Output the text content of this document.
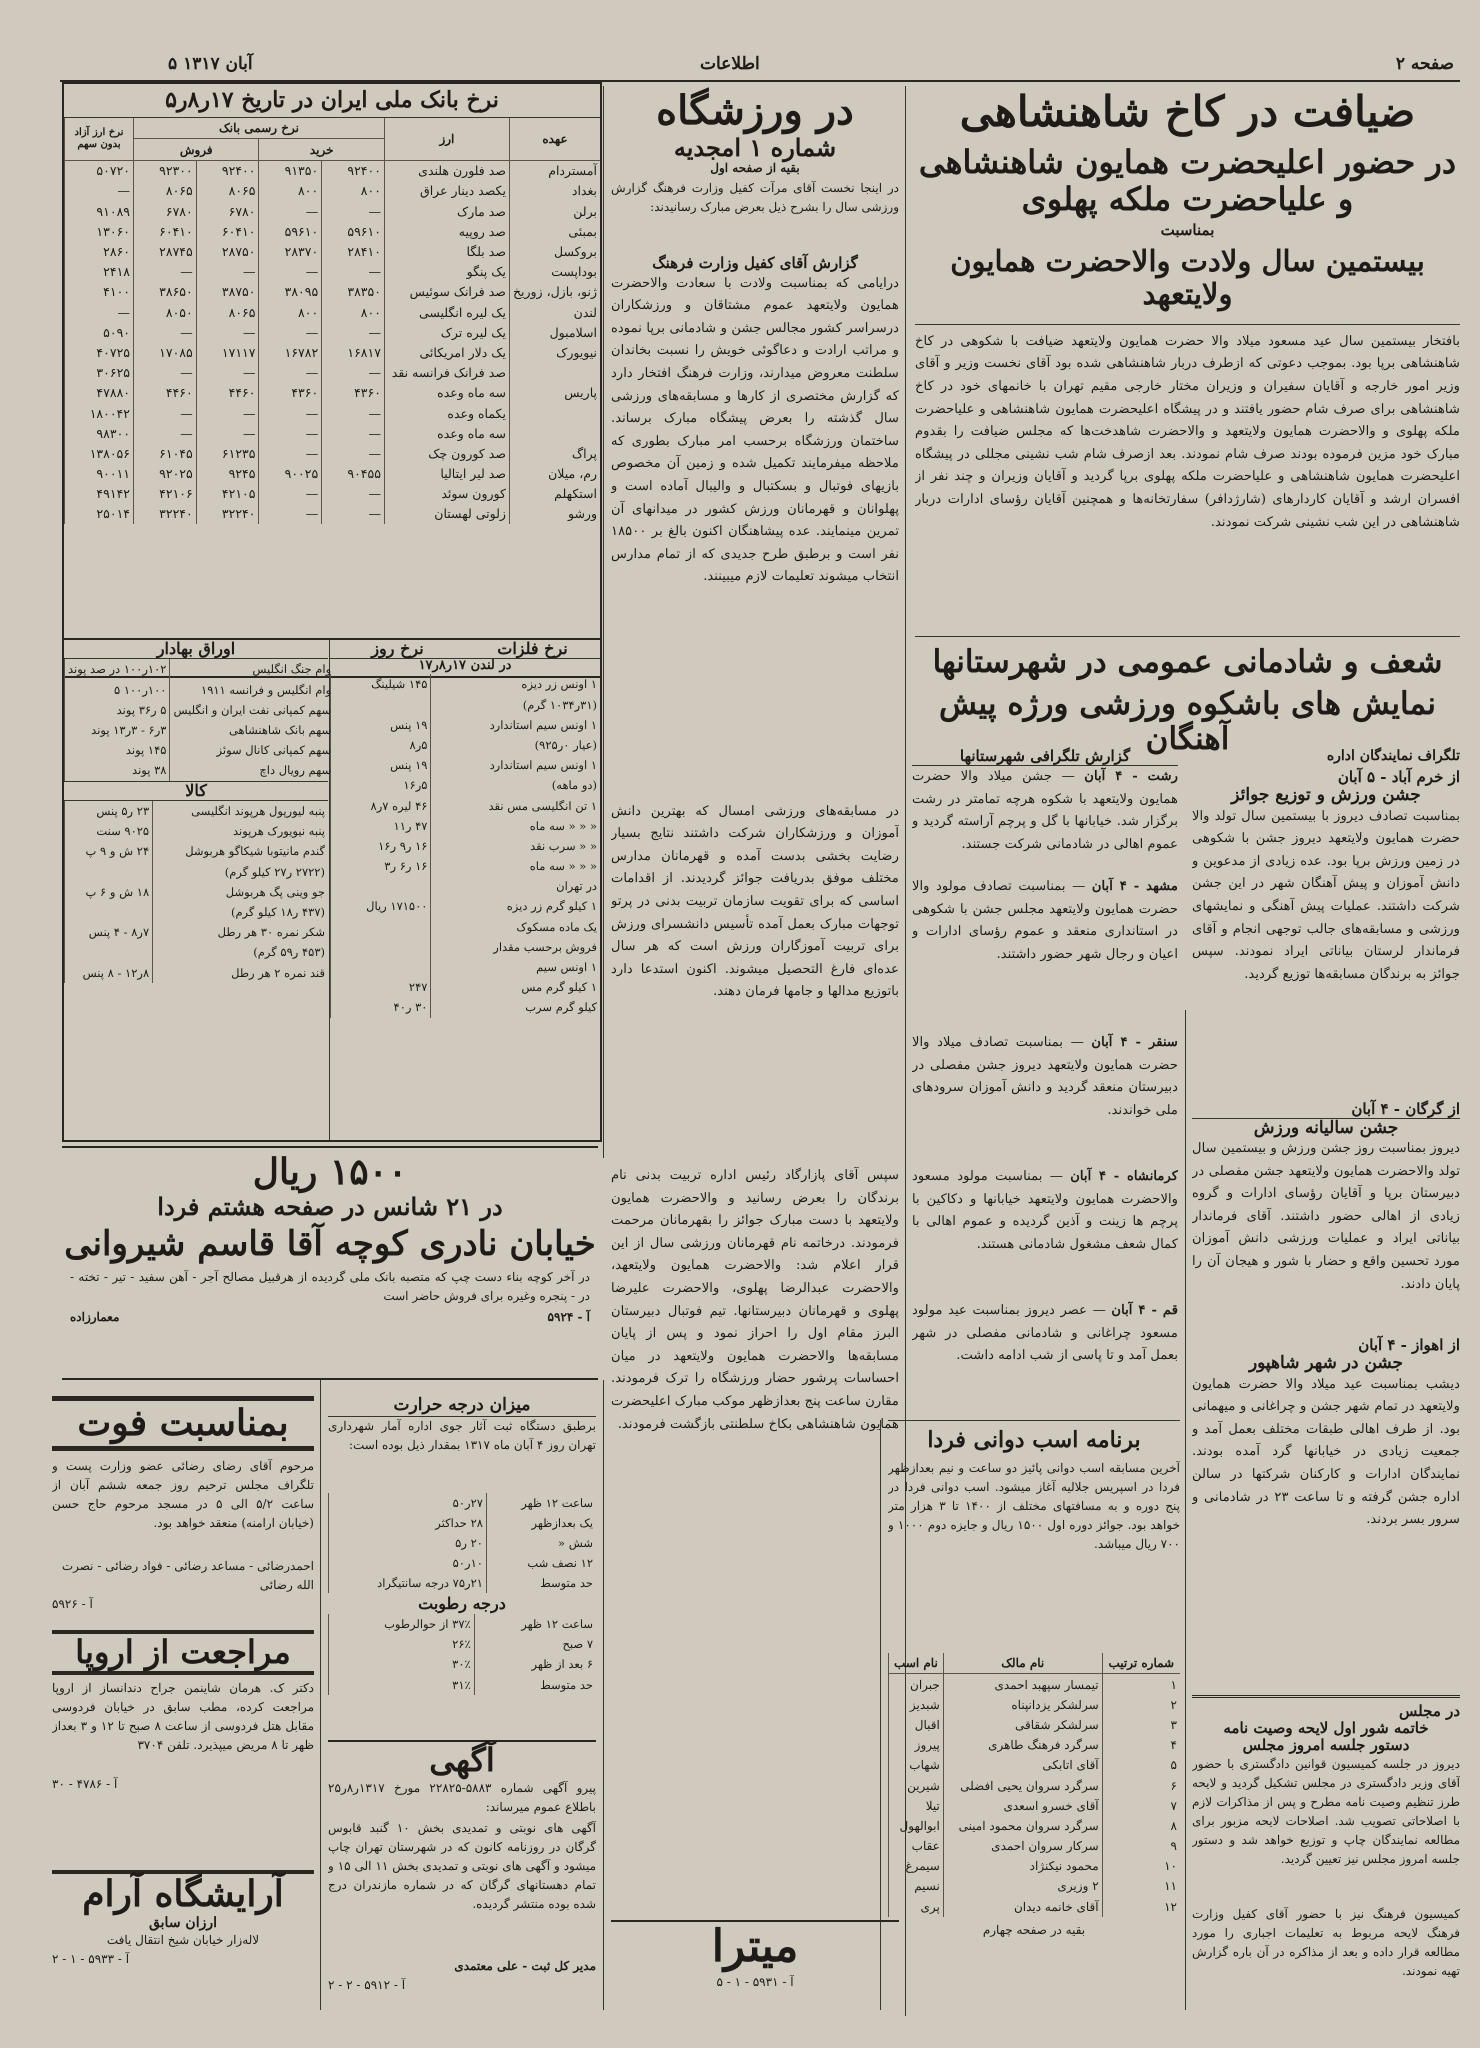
صفحه ۲
اطلاعات
۵ آبان ۱۳۱۷
ضیافت در کاخ شاهنشاهی
در حضور اعلیحضرت همایون شاهنشاهی
و علیاحضرت ملکه پهلوی
بمناسبت
بیستمین سال ولادت والاحضرت همایون ولایتعهد
بافتخار بیستمین سال عید مسعود میلاد والا حضرت همایون ولایتعهد ضیافت با شکوهی در کاخ شاهنشاهی برپا بود. بموجب دعوتی که ازطرف دربار شاهنشاهی شده بود آقای نخست وزیر و آقای وزیر امور خارجه و آقایان سفیران و وزیران مختار خارجی مقیم تهران با خانمهای خود در کاخ شاهنشاهی برای صرف شام حضور یافتند و در پیشگاه اعلیحضرت همایون شاهنشاهی و علیاحضرت ملکه پهلوی و والاحضرت همایون ولایتعهد و والاحضرت شاهدخت‌ها که مجلس ضیافت را بقدوم مبارک خود مزین فرموده بودند صرف شام نمودند. بعد ازصرف شام شب نشینی مجللی در پیشگاه اعلیحضرت همایون شاهنشاهی و علیاحضرت ملکه پهلوی برپا گردید و آقایان وزیران و چند نفر از افسران ارشد و آقایان کاردارهای (شارژدافر) سفارتخانه‌ها و همچنین آقایان رؤسای ادارات دربار شاهنشاهی در این شب نشینی شرکت نمودند.
شعف و شادمانی عمومی در شهرستانها
نمایش های باشکوه ورزشی ورژه پیش آهنگان	تلگراف نمایندگان اداره
از خرم آباد - ۵ آبان
جشن ورزش و توزیع جوائز
بمناسبت تصادف دیروز با بیستمین سال تولد والا حضرت همایون ولایتعهد دیروز جشن با شکوهی در زمین ورزش برپا بود. عده زیادی از مدعوین و دانش آموزان و پیش آهنگان شهر در این جشن شرکت داشتند. عملیات پیش آهنگی و نمایشهای ورزشی و مسابقه‌های جالب توجهی انجام و آقای فرماندار لرستان بیاناتی ایراد نمودند. سپس جوائز به برندگان مسابقه‌ها توزیع گردید.
از گرگان - ۴ آبان
جشن سالیانه ورزش
دیروز بمناسبت روز جشن ورزش و بیستمین سال تولد والاحضرت همایون ولایتعهد جشن مفصلی در دبیرستان برپا و آقایان رؤسای ادارات و گروه زیادی از اهالی حضور داشتند. آقای فرماندار بیاناتی ایراد و عملیات ورزشی دانش آموزان مورد تحسین واقع و حضار با شور و هیجان آن را پایان دادند.
از اهواز - ۴ آبان
جشن در شهر شاهپور
دیشب بمناسبت عید میلاد والا حضرت همایون ولایتعهد در تمام شهر جشن و چراغانی و میهمانی بود. از طرف اهالی طبقات مختلف بعمل آمد و جمعیت زیادی در خیابانها گرد آمده بودند. نمایندگان ادارات و کارکنان شرکتها در سالن اداره جشن گرفته و تا ساعت ۲۳ در شادمانی و سرور بسر بردند.
گزارش تلگرافی شهرستانها
رشت - ۴ آبان — جشن میلاد والا حضرت همایون ولایتعهد با شکوه هرچه تمامتر در رشت برگزار شد. خیابانها با گل و پرچم آراسته گردید و عموم اهالی در شادمانی شرکت جستند.
مشهد - ۴ آبان — بمناسبت تصادف مولود والا حضرت همایون ولایتعهد مجلس جشن با شکوهی در استانداری منعقد و عموم رؤسای ادارات و اعیان و رجال شهر حضور داشتند.
سنقر - ۴ آبان — بمناسبت تصادف میلاد والا حضرت همایون ولایتعهد دیروز جشن مفصلی در دبیرستان منعقد گردید و دانش آموزان سرودهای ملی خواندند.
کرمانشاه - ۴ آبان — بمناسبت مولود مسعود والاحضرت همایون ولایتعهد خیابانها و دکاکین با پرچم ها زینت و آذین گردیده و عموم اهالی با کمال شعف مشغول شادمانی هستند.
قم - ۴ آبان — عصر دیروز بمناسبت عید مولود مسعود چراغانی و شادمانی مفصلی در شهر بعمل آمد و تا پاسی از شب ادامه داشت.
برنامه اسب دوانی فردا
آخرین مسابقه اسب دوانی پائیز دو ساعت و نیم بعدازظهر فردا در اسپریس جلالیه آغاز میشود. اسب دوانی فردا در پنج دوره و به مسافتهای مختلف از ۱۴۰۰ تا ۳ هزار متر خواهد بود. جوائز دوره اول ۱۵۰۰ ریال و جایزه دوم ۱۰۰۰ و ۷۰۰ ریال میباشد.
شماره ترتیب	نام مالک	نام اسب
۱	تیمسار سپهبد احمدی	جبران
۲	سرلشکر یزدانپناه	شبدیز
۳	سرلشکر شقاقی	اقبال
۴	سرگرد فرهنگ طاهری	پیروز
۵	آقای اتابکی	شهاب
۶	سرگرد سروان یحیی افضلی	شیرین
۷	آقای خسرو اسعدی	تیلا
۸	سرگرد سروان محمود امینی	ابوالهول
۹	سرکار سروان احمدی	عقاب
۱۰	محمود نیکنژاد	سیمرغ
۱۱	۲ وزیری	نسیم
۱۲	آقای خانمه دیدان	پری
بقیه در صفحه چهارم
در مجلس
خاتمه شور اول لایحه وصیت نامه
دستور جلسه امروز مجلس
دیروز در جلسه کمیسیون قوانین دادگستری با حضور آقای وزیر دادگستری در مجلس تشکیل گردید و لایحه طرز تنظیم وصیت نامه مطرح و پس از مذاکرات لازم با اصلاحاتی تصویب شد. اصلاحات لایحه مزبور برای مطالعه نمایندگان چاپ و توزیع خواهد شد و دستور جلسه امروز مجلس نیز تعیین گردید.
کمیسیون فرهنگ نیز با حضور آقای کفیل وزارت فرهنگ لایحه مربوط به تعلیمات اجباری را مورد مطالعه قرار داده و بعد از مذاکره در آن باره گزارش تهیه نمودند.
در ورزشگاه
شماره ۱ امجدیه
بقیه از صفحه اول
در اینجا نخست آقای مرآت کفیل وزارت فرهنگ گزارش ورزشی سال را بشرح ذیل بعرض مبارک رسانیدند:
گزارش آقای کفیل وزارت فرهنگ
درایامی که بمناسبت ولادت با سعادت والاحضرت همایون ولایتعهد عموم مشتاقان و ورزشکاران درسراسر کشور مجالس جشن و شادمانی برپا نموده و مراتب ارادت و دعاگوئی خویش را نسبت بخاندان سلطنت معروض میدارند، وزارت فرهنگ افتخار دارد که گزارش مختصری از کارها و مسابقه‌های ورزشی سال گذشته را بعرض پیشگاه مبارک برساند. ساختمان ورزشگاه برحسب امر مبارک بطوری که ملاحظه میفرمایند تکمیل شده و زمین آن مخصوص بازیهای فوتبال و بسکتبال و والیبال آماده است و پهلوانان و قهرمانان ورزش کشور در میدانهای آن تمرین مینمایند. عده پیشاهنگان اکنون بالغ بر ۱۸۵۰۰ نفر است و برطبق طرح جدیدی که از تمام مدارس انتخاب میشوند تعلیمات لازم میبینند.
در مسابقه‌های ورزشی امسال که بهترین دانش آموزان و ورزشکاران شرکت داشتند نتایج بسیار رضایت بخشی بدست آمده و قهرمانان مدارس مختلف موفق بدریافت جوائز گردیدند. از اقدامات اساسی که برای تقویت سازمان تربیت بدنی در پرتو توجهات مبارک بعمل آمده تأسیس دانشسرای ورزش برای تربیت آموزگاران ورزش است که هر سال عده‌ای فارغ التحصیل میشوند. اکنون استدعا دارد باتوزیع مدالها و جامها فرمان دهند.
سپس آقای پازارگاد رئیس اداره تربیت بدنی نام برندگان را بعرض رسانید و والاحضرت همایون ولایتعهد با دست مبارک جوائز را بقهرمانان مرحمت فرمودند. درخاتمه نام قهرمانان ورزشی سال از این قرار اعلام شد: والاحضرت همایون ولایتعهد، والاحضرت عبدالرضا پهلوی، والاحضرت علیرضا پهلوی و قهرمانان دبیرستانها. تیم فوتبال دبیرستان البرز مقام اول را احراز نمود و پس از پایان مسابقه‌ها والاحضرت همایون ولایتعهد در میان احساسات پرشور حضار ورزشگاه را ترک فرمودند. مقارن ساعت پنج بعدازظهر موکب مبارک اعلیحضرت همایون شاهنشاهی بکاخ سلطنتی بازگشت فرمودند.
نرخ بانک ملی ایران در تاریخ ۱۷ر۸ر۵
عهده	ارز	نرخ رسمی بانک				نرخ ارز آزاد بدون سهم
		خرید		فروش		
آمستردام	صد فلورن هلندی	۹۲۴۰۰	۹۱۳۵۰	۹۲۴۰۰	۹۲۳۰۰	۵۰۷۲۰
بغداد	یکصد دینار عراق	۸۰۰	۸۰۰	۸۰۶۵	۸۰۶۵	—
برلن	صد مارک	—	—	۶۷۸۰	۶۷۸۰	۹۱۰۸۹
بمبئی	صد روپیه	۵۹۶۱۰	۵۹۶۱۰	۶۰۴۱۰	۶۰۴۱۰	۱۳۰۶۰
بروکسل	صد بلگا	۲۸۴۱۰	۲۸۳۷۰	۲۸۷۵۰	۲۸۷۴۵	۲۸۶۰
بوداپست	یک پنگو	—	—	—	—	۲۴۱۸
ژنو، بازل، زوریخ	صد فرانک سوئیس	۳۸۳۵۰	۳۸۰۹۵	۳۸۷۵۰	۳۸۶۵۰	۴۱۰۰
لندن	یک لیره انگلیسی	۸۰۰	۸۰۰	۸۰۶۵	۸۰۵۰	—
اسلامبول	یک لیره ترک	—	—	—	—	۵۰۹۰
نیویورک	یک دلار امریکائی	۱۶۸۱۷	۱۶۷۸۲	۱۷۱۱۷	۱۷۰۸۵	۴۰۷۲۵
	صد فرانک فرانسه نقد	—	—	—	—	۳۰۶۲۵
پاریس	سه ماه وعده	۴۳۶۰	۴۳۶۰	۴۴۶۰	۴۴۶۰	۴۷۸۸۰
	یکماه وعده	—	—	—	—	۱۸۰۰۴۲
	سه ماه وعده	—	—	—	—	۹۸۳۰۰
پراگ	صد کورون چک	—	—	۶۱۲۳۵	۶۱۰۴۵	۱۳۸۰۵۶
رم، میلان	صد لیر ایتالیا	۹۰۴۵۵	۹۰۰۲۵	۹۲۴۵	۹۲۰۲۵	۹۰۰۱۱
استکهلم	کورون سوئد	—	—	۴۲۱۰۵	۴۲۱۰۶	۴۹۱۴۲
ورشو	زلوتی لهستان	—	—	۳۲۲۴۰	۳۲۲۴۰	۲۵۰۱۴
نرخ فلزات
نرخ روز
در لندن ۱۷ر۸ر۱۷
۱ اونس زر دیزه	۱۴۵ شیلینگ
(۳۱ر۱۰۳۴ گرم)	
۱ اونس سیم استاندارد	۱۹ پنس
(عیار ۰ر۹۲۵)	۵ر۸
۱ اونس سیم استاندارد	۱۹ پنس
(دو ماهه)	۵ر۱۶
۱ تن انگلیسی مس نقد	۴۶ لیره ۷ر۸
« « « سه ماه	۴۷ ر۱۱
« « سرب نقد	۱۶ ر۹ ر۱۶
« « « سه ماه	۱۶ ر۶ ر۳
در تهران	
۱ کیلو گرم زر دیزه	۱۷۱۵۰۰ ریال
یک ماده مسکوک	
فروش برحسب مقدار	
۱ اونس سیم	
۱ کیلو گرم مس	۲۴۷
کیلو گرم سرب	۳۰ ر۴۰
اوراق بهادار
وام جنگ انگلیس	۱۰۲ر۱۰۰ در صد پوند
وام انگلیس و فرانسه ۱۹۱۱	۱۰۰ر۱۰۰ ۵
سهم کمپانی نفت ایران و انگلیس	۵ ر۳۶ پوند
سهم بانک شاهنشاهی	۳ر۶ - ۳ر۱۳ پوند
سهم کمپانی کانال سوئز	۱۴۵ پوند
سهم رویال داچ	۳۸ پوند
کالا
پنبه لیورپول هرپوند انگلیسی	۲۳ ر۵ پنس
پنبه نیویورک هرپوند	۹۰۲۵ سنت
گندم مانیتوبا شیکاگو هربوشل	۲۴ ش و ۹ پ
(۲۷۲۲ ر۲۷ کیلو گرم)	
جو وینی پگ هربوشل	۱۸ ش و ۶ پ
(۴۳۷ ر۱۸ کیلو گرم)	
شکر نمره ۳۰ هر رطل	۷ر۸ - ۴ پنس
(۴۵۳ ر۵۹ گرم)	
قند نمره ۲ هر رطل	۸ر۱۲ - ۸ پنس
۱۵۰۰ ریال
در ۲۱ شانس در صفحه هشتم فردا
خیابان نادری کوچه آقا قاسم شیروانی
در آخر کوچه بناء دست چپ که متصبه بانک ملی گردیده از هرقبیل مصالح آجر - آهن سفید - تیر - تخته - در - پنجره وغیره برای فروش حاضر است
آ - ۵۹۲۴
معمارزاده
بمناسبت فوت
مرحوم آقای رضای رضائی عضو وزارت پست و تلگراف مجلس ترحیم روز جمعه ششم آبان از ساعت ۵/۲ الی ۵ در مسجد مرحوم حاج حسن (خیابان ارامنه) منعقد خواهد بود.
احمدرضائی - مساعد رضائی - فواد رضائی - نصرت الله رضائی
آ - ۵۹۲۶
مراجعت از اروپا
دکتر ک. هرمان شاینمن جراح دندانساز از اروپا مراجعت کرده، مطب سابق در خیابان فردوسی مقابل هتل فردوسی از ساعت ۸ صبح تا ۱۲ و ۳ بعداز ظهر تا ۸ مریض میپذیرد. تلفن ۳۷۰۴
آ - ۴۷۸۶ - ۳۰
آرایشگاه آرام
ارزان سابق
لاله‌زار خیابان شیخ انتقال یافت
آ - ۵۹۳۳ - ۱ - ۲
میزان درجه حرارت
برطبق دستگاه ثبت آثار جوی اداره آمار شهرداری تهران روز ۴ آبان ماه ۱۳۱۷ بمقدار ذیل بوده است:
ساعت ۱۲ ظهر	۲۷ر۵۰
یک بعدازظهر	۲۸ حداکثر
شش «	۲۰ ر۵
۱۲ نصف شب	۱۰ر۵۰
حد متوسط	۲۱ر۷۵ درجه سانتیگراد
درجه رطوبت
ساعت ۱۲ ظهر	۳۷٪ از حوالرطوب
۷ صبح	۲۶٪
۶ بعد از ظهر	۳۰٪
حد متوسط	۳۱٪
آگهی
پیرو آگهی شماره ۵۸۸۳-۲۲۸۲۵ مورخ ۱۳۱۷ر۸ر۲۵ باطلاع عموم میرساند:
آگهی های نوبتی و تمدیدی بخش ۱۰ گنبد قابوس گرگان در روزنامه کانون که در شهرستان تهران چاپ میشود و آگهی های نوبتی و تمدیدی بخش ۱۱ الی ۱۵ و تمام دهستانهای گرگان که در شماره مازندران درج شده بوده منتشر گردیده.
مدیر کل ثبت - علی معتمدی
آ - ۵۹۱۲ - ۲ - ۲
میترا
آ - ۵۹۳۱ - ۱ - ۵
